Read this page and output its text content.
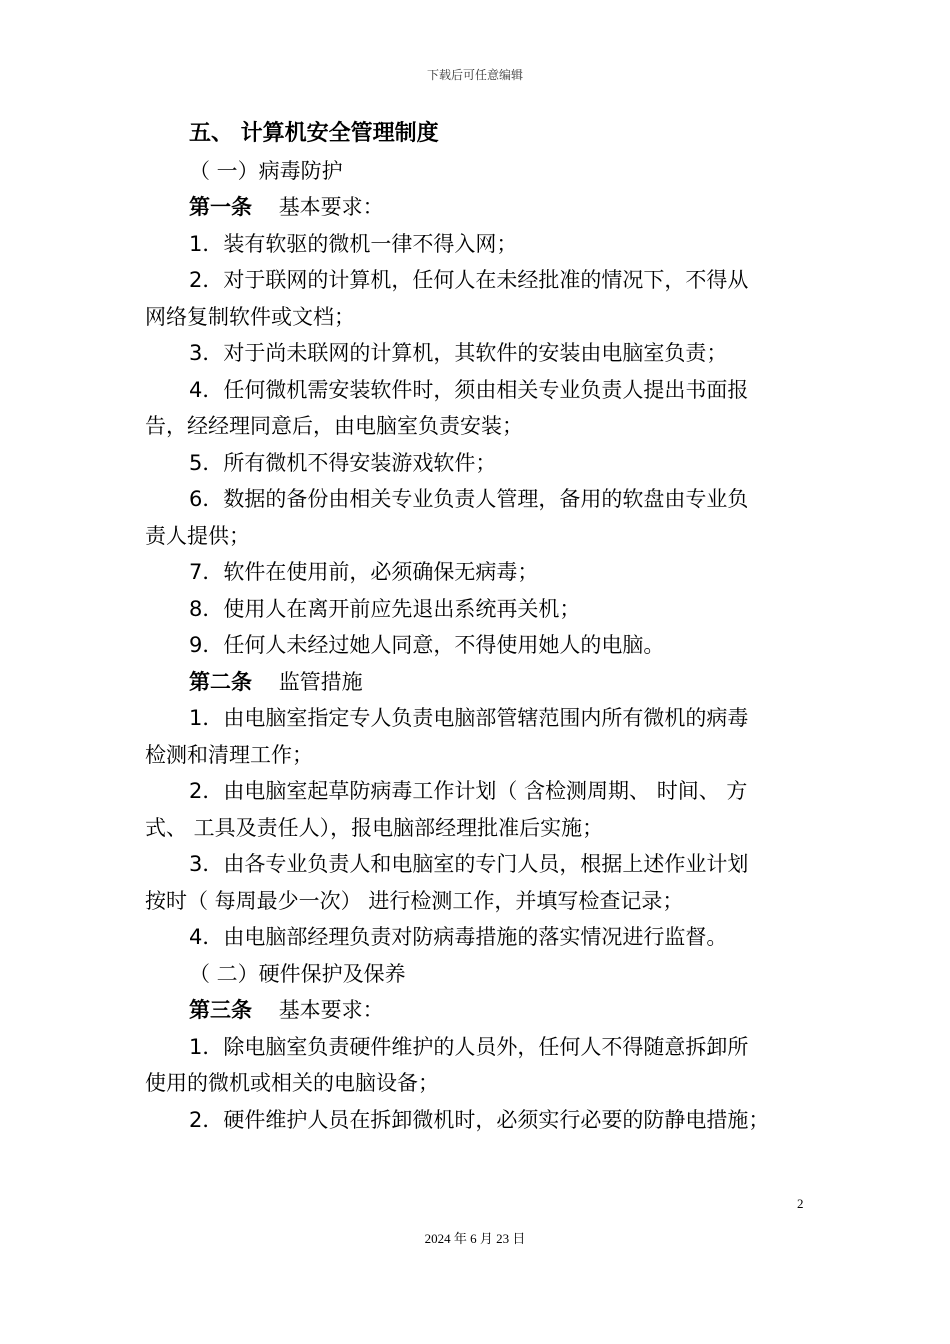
下载后可任意编辑
五、 计算机安全管理制度
（ 一）病毒防护
第一条 基本要求：
1．装有软驱的微机一律不得入网；
2．对于联网的计算机，任何人在未经批准的情况下，不得从
网络复制软件或文档；
3．对于尚未联网的计算机，其软件的安装由电脑室负责；
4．任何微机需安装软件时，须由相关专业负责人提出书面报
告，经经理同意后，由电脑室负责安装；
5．所有微机不得安装游戏软件；
6．数据的备份由相关专业负责人管理，备用的软盘由专业负
责人提供；
7．软件在使用前，必须确保无病毒；
8．使用人在离开前应先退出系统再关机；
9．任何人未经过她人同意，不得使用她人的电脑。
第二条 监管措施
1．由电脑室指定专人负责电脑部管辖范围内所有微机的病毒
检测和清理工作；
2．由电脑室起草防病毒工作计划（ 含检测周期、 时间、 方
式、 工具及责任人），报电脑部经理批准后实施；
3．由各专业负责人和电脑室的专门人员，根据上述作业计划
按时（ 每周最少一次） 进行检测工作，并填写检查记录；
4．由电脑部经理负责对防病毒措施的落实情况进行监督。
（ 二）硬件保护及保养
第三条 基本要求：
1．除电脑室负责硬件维护的人员外，任何人不得随意拆卸所
使用的微机或相关的电脑设备；
2．硬件维护人员在拆卸微机时，必须实行必要的防静电措施；
2
2024 年 6 月 23 日
